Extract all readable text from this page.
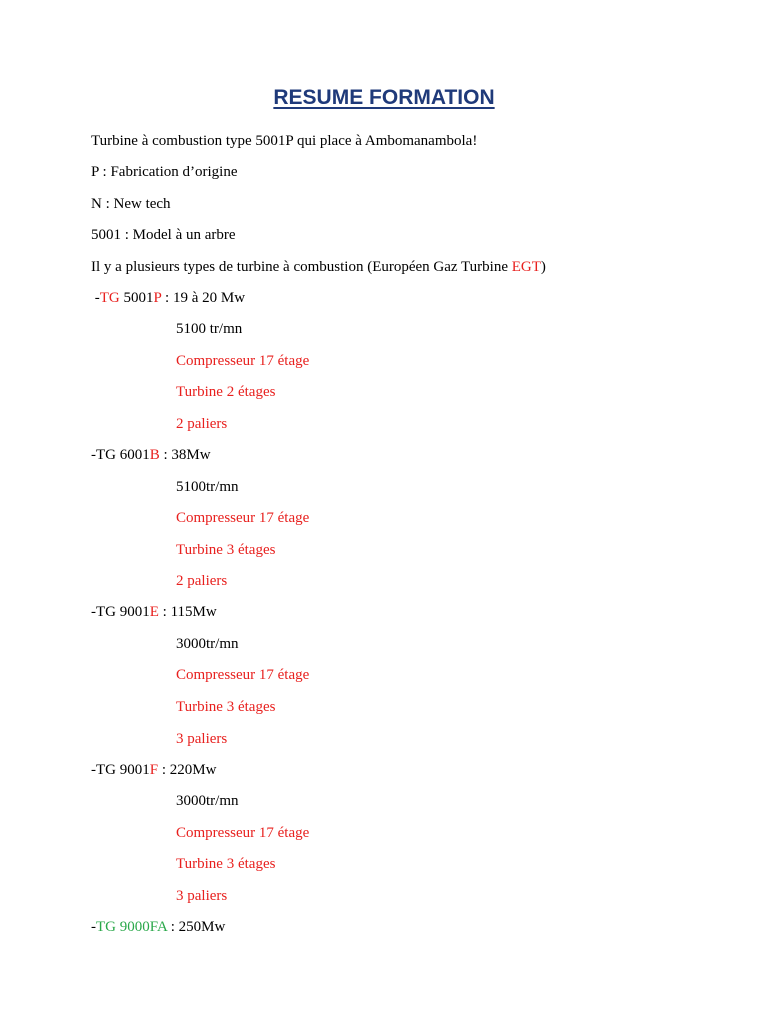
RESUME FORMATION
Turbine à combustion type 5001P qui place à Ambomanambola!
P : Fabrication d’origine
N : New tech
5001 : Model à un arbre
Il y a plusieurs types de turbine à combustion (Européen Gaz Turbine EGT)
-TG 5001P : 19 à 20 Mw
5100 tr/mn
Compresseur 17 étage
Turbine 2 étages
2 paliers
-TG 6001B : 38Mw
5100tr/mn
Compresseur 17 étage
Turbine 3 étages
2 paliers
-TG 9001E : 115Mw
3000tr/mn
Compresseur 17 étage
Turbine 3 étages
3 paliers
-TG 9001F : 220Mw
3000tr/mn
Compresseur 17 étage
Turbine 3 étages
3 paliers
-TG 9000FA : 250Mw
